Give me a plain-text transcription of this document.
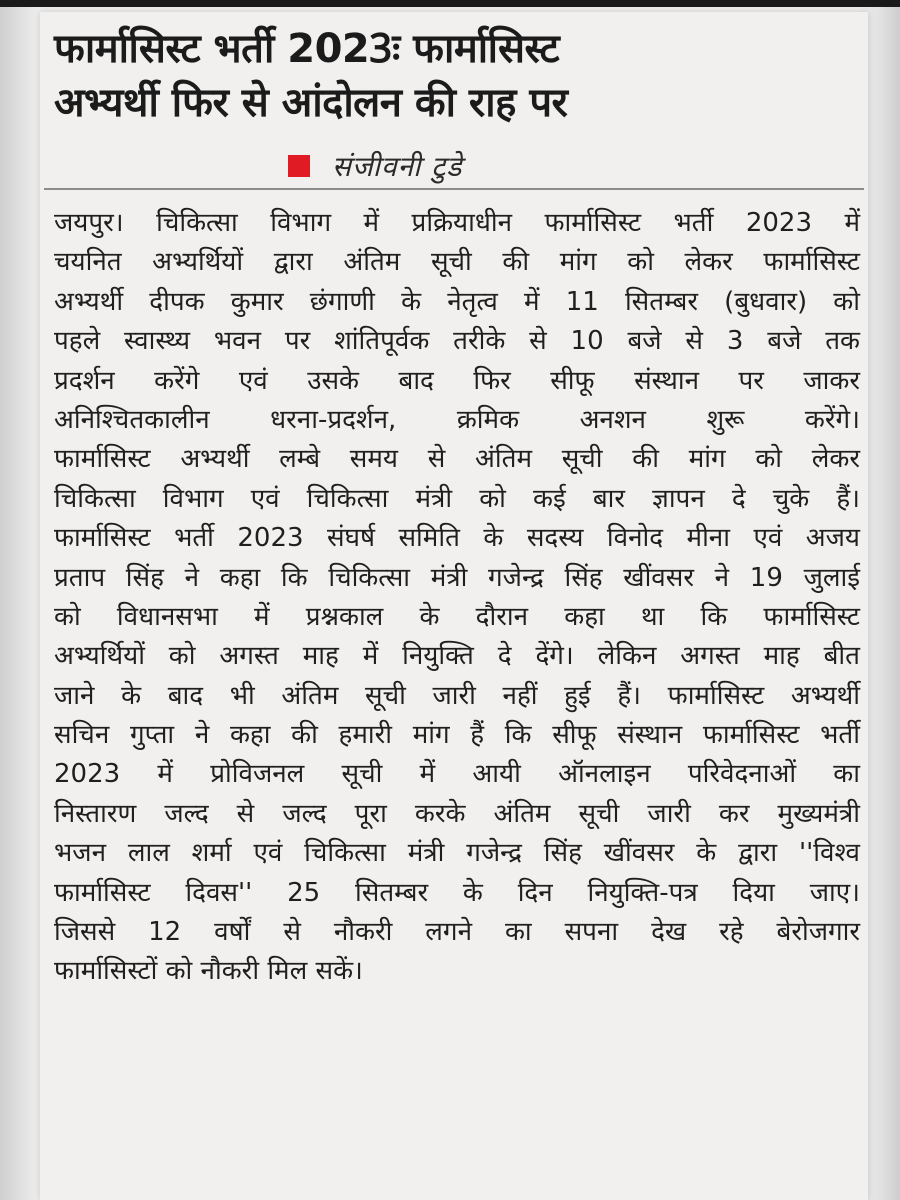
फार्मासिस्ट भर्ती 2023ः फार्मासिस्ट
अभ्यर्थी फिर से आंदोलन की राह पर
संजीवनी टुडे
जयपुर। चिकित्सा विभाग में प्रक्रियाधीन फार्मासिस्ट भर्ती 2023 में
चयनित अभ्यर्थियों द्वारा अंतिम सूची की मांग को लेकर फार्मासिस्ट
अभ्यर्थी दीपक कुमार छंगाणी के नेतृत्व में 11 सितम्बर (बुधवार) को
पहले स्वास्थ्य भवन पर शांतिपूर्वक तरीके से 10 बजे से 3 बजे तक
प्रदर्शन करेंगे एवं उसके बाद फिर सीफू संस्थान पर जाकर
अनिश्चितकालीन धरना-प्रदर्शन, क्रमिक अनशन शुरू करेंगे।
फार्मासिस्ट अभ्यर्थी लम्बे समय से अंतिम सूची की मांग को लेकर
चिकित्सा विभाग एवं चिकित्सा मंत्री को कई बार ज्ञापन दे चुके हैं।
फार्मासिस्ट भर्ती 2023 संघर्ष समिति के सदस्य विनोद मीना एवं अजय
प्रताप सिंह ने कहा कि चिकित्सा मंत्री गजेन्द्र सिंह खींवसर ने 19 जुलाई
को विधानसभा में प्रश्नकाल के दौरान कहा था कि फार्मासिस्ट
अभ्यर्थियों को अगस्त माह में नियुक्ति दे देंगे। लेकिन अगस्त माह बीत
जाने के बाद भी अंतिम सूची जारी नहीं हुई हैं। फार्मासिस्ट अभ्यर्थी
सचिन गुप्ता ने कहा की हमारी मांग हैं कि सीफू संस्थान फार्मासिस्ट भर्ती
2023 में प्रोविजनल सूची में आयी ऑनलाइन परिवेदनाओं का
निस्तारण जल्द से जल्द पूरा करके अंतिम सूची जारी कर मुख्यमंत्री
भजन लाल शर्मा एवं चिकित्सा मंत्री गजेन्द्र सिंह खींवसर के द्वारा ''विश्व
फार्मासिस्ट दिवस'' 25 सितम्बर के दिन नियुक्ति-पत्र दिया जाए।
जिससे 12 वर्षों से नौकरी लगने का सपना देख रहे बेरोजगार
फार्मासिस्टों को नौकरी मिल सकें।
